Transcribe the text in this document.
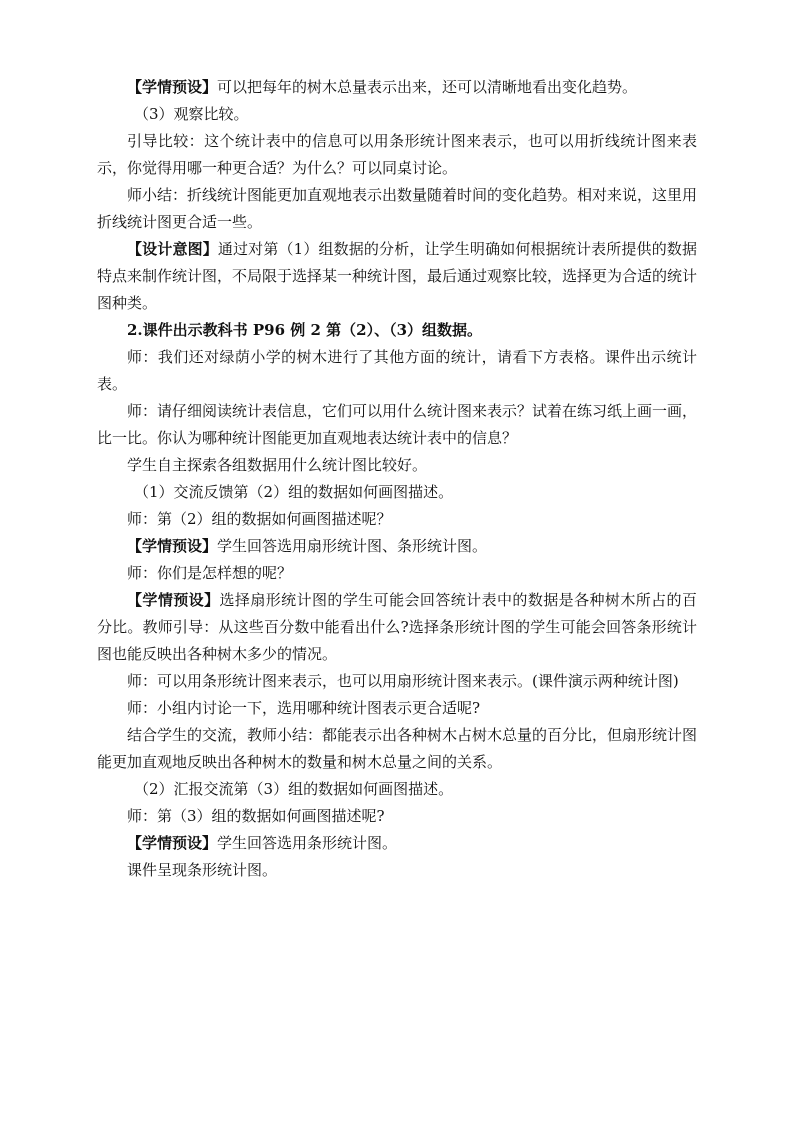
【学情预设】可以把每年的树木总量表示出来，还可以清晰地看出变化趋势。

（3）观察比较。

引导比较：这个统计表中的信息可以用条形统计图来表示，也可以用折线统计图来表示，你觉得用哪一种更合适？为什么？可以同桌讨论。

师小结：折线统计图能更加直观地表示出数量随着时间的变化趋势。相对来说，这里用折线统计图更合适一些。

【设计意图】通过对第（1）组数据的分析，让学生明确如何根据统计表所提供的数据特点来制作统计图，不局限于选择某一种统计图，最后通过观察比较，选择更为合适的统计图种类。

2.课件出示教科书 P96 例 2 第（2）、（3）组数据。

师：我们还对绿荫小学的树木进行了其他方面的统计，请看下方表格。课件出示统计表。

师：请仔细阅读统计表信息，它们可以用什么统计图来表示？试着在练习纸上画一画，比一比。你认为哪种统计图能更加直观地表达统计表中的信息？

学生自主探索各组数据用什么统计图比较好。

（1）交流反馈第（2）组的数据如何画图描述。

师：第（2）组的数据如何画图描述呢？

【学情预设】学生回答选用扇形统计图、条形统计图。

师：你们是怎样想的呢？

【学情预设】选择扇形统计图的学生可能会回答统计表中的数据是各种树木所占的百分比。教师引导：从这些百分数中能看出什么?选择条形统计图的学生可能会回答条形统计图也能反映出各种树木多少的情况。

师：可以用条形统计图来表示，也可以用扇形统计图来表示。(课件演示两种统计图)

师：小组内讨论一下，选用哪种统计图表示更合适呢?

结合学生的交流，教师小结：都能表示出各种树木占树木总量的百分比，但扇形统计图能更加直观地反映出各种树木的数量和树木总量之间的关系。

（2）汇报交流第（3）组的数据如何画图描述。

师：第（3）组的数据如何画图描述呢?

【学情预设】学生回答选用条形统计图。

课件呈现条形统计图。
